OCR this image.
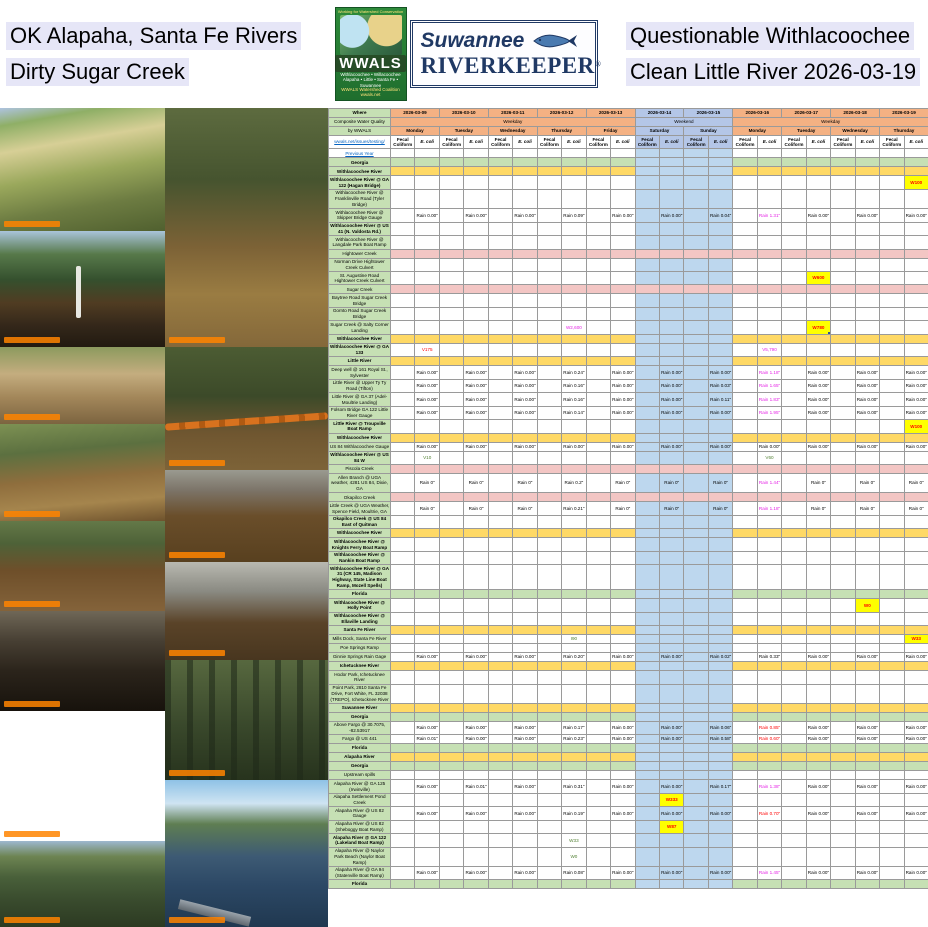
OK Alapaha, Santa Fe Rivers
Dirty Sugar Creek
Working for Watershed Conservation
WWALS
Withlacoochee • Willacoochee Alapaha • Little • Santa Fe • Suwannee
WWALS Watershed Coalition
wwals.net
Suwannee
RIVERKEEPER®
Questionable Withlacoochee
Clean Little River 2026-03-19
Where	2026-03-09		2026-03-10		2026-03-11		2026-03-12		2026-03-13		2026-03-14		2026-03-15		2026-03-16		2026-03-17		2026-03-18		2026-03-19	
Composite Water Quality	Weekday										Weekend				Weekday							
by WWALS	Monday		Tuesday		Wednesday		Thursday		Friday		Saturday		Sunday		Monday		Tuesday		Wednesday		Thursday	
wwals.net/issues/testing/	Fecal Coliform	E. coli	Fecal Coliform	E. coli	Fecal Coliform	E. coli	Fecal Coliform	E. coli	Fecal Coliform	E. coli	Fecal Coliform	E. coli	Fecal Coliform	E. coli	Fecal Coliform	E. coli	Fecal Coliform	E. coli	Fecal Coliform	E. coli	Fecal Coliform	E. coli
Previous Year																						
Georgia																						
Withlacoochee River																						
Withlacoochee River @ GA 122 (Hagan Bridge)																						W100
Withlacoochee River @ Franklinville Road (Tyler Bridge)																						
Withlacoochee River @ Skipper Bridge Gauge		Rain 0.00"		Rain 0.00"		Rain 0.00"		Rain 0.09"		Rain 0.00"		Rain 0.00"		Rain 0.04"		Rain 1.31"		Rain 0.00"		Rain 0.00"		Rain 0.00"
Withlacoochee River @ US 41 (N. Valdosta Rd.)																						
Withlacoochee River @ Langdale Park Boat Ramp																						
Hightower Creek																						
Norman Drive Hightower Creek Culvert																						
St. Augustine Road Hightower Creek Culvert																		W600				
Sugar Creek																						
Baytree Road Sugar Creek Bridge																						
Gornto Road Sugar Creek Bridge																						
Sugar Creek @ Salty Corner Landing								W2,600										W780

Withlacoochee River																						
Withlacoochee River @ GA 133		V175														V5,790						
Little River																						
Deep well @ 161 Royal St., Sylvester		Rain 0.00"		Rain 0.00"		Rain 0.00"		Rain 0.24"		Rain 0.00"		Rain 0.00"		Rain 0.00"		Rain 1.18"		Rain 0.00"		Rain 0.00"		Rain 0.00"
Little River @ Upper Ty Ty Road (Tifton)		Rain 0.00"		Rain 0.00"		Rain 0.00"		Rain 0.16"		Rain 0.00"		Rain 0.00"		Rain 0.03"		Rain 1.65"		Rain 0.00"		Rain 0.00"		Rain 0.00"
Little River @ GA 37 (Adel-Moultrie Landing)		Rain 0.00"		Rain 0.00"		Rain 0.00"		Rain 0.16"		Rain 0.00"		Rain 0.00"		Rain 0.11"		Rain 1.83"		Rain 0.00"		Rain 0.00"		Rain 0.00"
Folsom Bridge GA 122 Little River Gauge		Rain 0.00"		Rain 0.00"		Rain 0.00"		Rain 0.14"		Rain 0.00"		Rain 0.00"		Rain 0.00"		Rain 1.95"		Rain 0.00"		Rain 0.00"		Rain 0.00"
Little River @ Troupville Boat Ramp																						W100
Withlacoochee River																						
US 84 Withlacoochee Gauge		Rain 0.00"		Rain 0.00"		Rain 0.00"		Rain 0.00"		Rain 0.00"		Rain 0.00"		Rain 0.00"		Rain 0.00"		Rain 0.00"		Rain 0.00"		Rain 0.00"
Withlacoochee River @ US 84 W		V10														V60						
Piscola Creek																						
Allen Branch @ UGA weather, 4281 US 84, Dixie, GA		Rain 0"		Rain 0"		Rain 0"		Rain 0.2"		Rain 0"		Rain 0"		Rain 0"		Rain 1.44"		Rain 0"		Rain 0"		Rain 0"
Okapilco Creek																						
Little Creek @ UGA Weather, Spence Field, Moultrie, GA		Rain 0"		Rain 0"		Rain 0"		Rain 0.21"		Rain 0"		Rain 0"		Rain 0"		Rain 1.18"		Rain 0"		Rain 0"		Rain 0"
Okapilco Creek @ US 84 East of Quitman																						
Withlacoochee River																						
Withlacoochee River @ Knights Ferry Boat Ramp																						
Withlacoochee River @ Nankin Boat Ramp																						
Withlacoochee River @ GA 31 (CR 145, Madison Highway, State Line Boat Ramp, Mozell Spells)																						
Florida																						
Withlacoochee River @ Holly Point																				W0		
Withlacoochee River @ Ellaville Landing																						
Santa Fe River																						
Mills Dock, Santa Fe River								I90														W33
Poe Springs Ramp																						
Ginnie Springs Rain Gage		Rain 0.00"		Rain 0.00"		Rain 0.00"		Rain 0.20"		Rain 0.00"		Rain 0.00"		Rain 0.02"		Rain 0.33"		Rain 0.00"		Rain 0.00"		Rain 0.00"
Ichetucknee River																						
Hodor Park, Ichetucknee River																						
Point Park, 2810 Santa Fe Drive, Fort White, FL 32038 (TREPO), Ichetucknee River																						
Suwannee River																						
Georgia																						
Above Fargo @ 30.7075, -82.53917		Rain 0.00"		Rain 0.00"		Rain 0.00"		Rain 0.17"		Rain 0.00"		Rain 0.00"		Rain 0.06"		Rain 0.85"		Rain 0.00"		Rain 0.00"		Rain 0.00"
Fargo @ US 441		Rain 0.01"		Rain 0.00"		Rain 0.00"		Rain 0.23"		Rain 0.00"		Rain 0.00"		Rain 0.58"		Rain 0.60"		Rain 0.00"		Rain 0.00"		Rain 0.00"
Florida																						
Alapaha River																						
Georgia																						
Upstream spills																						
Alapaha River @ GA 125 (Irwinville)		Rain 0.00"		Rain 0.01"		Rain 0.00"		Rain 0.31"		Rain 0.00"		Rain 0.00"		Rain 0.17"		Rain 1.38"		Rain 0.00"		Rain 0.00"		Rain 0.00"
Alapaha Settlement Pond Creek												W333										
Alapaha River @ US 82 Gauge		Rain 0.00"		Rain 0.00"		Rain 0.00"		Rain 0.19"		Rain 0.00"		Rain 0.00"		Rain 0.00"		Rain 0.70"		Rain 0.00"		Rain 0.00"		Rain 0.00"
Alapaha River @ US 82 (Sheboggy Boat Ramp)												W87										
Alapaha River @ GA 122 (Lakeland Boat Ramp)								W33														
Alapaha River @ Naylor Park Beach (Naylor Boat Ramp)								W0														
Alapaha River @ GA 94 (Statenville Boat Ramp)		Rain 0.00"		Rain 0.00"		Rain 0.00"		Rain 0.08"		Rain 0.00"		Rain 0.00"		Rain 0.00"		Rain 1.45"		Rain 0.00"		Rain 0.00"		Rain 0.00"
Florida																						
